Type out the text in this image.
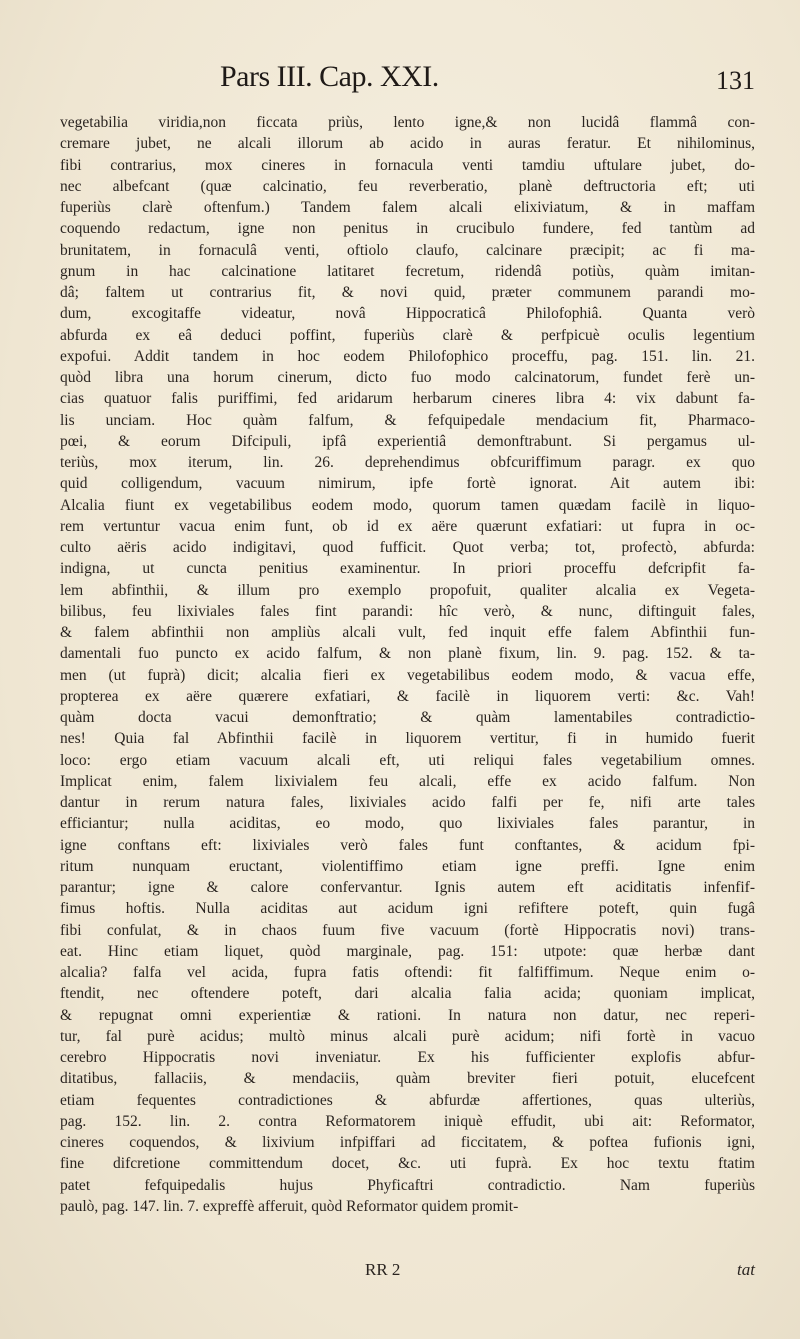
Pars III. Cap. XXI.	131
vegetabilia viridia,non ficcata priùs, lento igne,& non lucidâ flammâ con-
cremare jubet, ne alcali illorum ab acido in auras feratur. Et nihilominus,
fibi contrarius, mox cineres in fornacula venti tamdiu uftulare jubet, do-
nec albefcant (quæ calcinatio, feu reverberatio, planè deftructoria eft; uti
fuperiùs clarè oftenfum.) Tandem falem alcali elixiviatum, & in maffam
coquendo redactum, igne non penitus in crucibulo fundere, fed tantùm ad
brunitatem, in fornaculâ venti, oftiolo claufo, calcinare præcipit; ac fi ma-
gnum in hac calcinatione latitaret fecretum, ridendâ potiùs, quàm imitan-
dâ; faltem ut contrarius fit, & novi quid, præter communem parandi mo-
dum, excogitaffe videatur, novâ Hippocraticâ Philofophiâ. Quanta verò
abfurda ex eâ deduci poffint, fuperiùs clarè & perfpicuè oculis legentium
expofui. Addit tandem in hoc eodem Philofophico proceffu, pag. 151. lin. 21.
quòd libra una horum cinerum, dicto fuo modo calcinatorum, fundet ferè un-
cias quatuor falis puriffimi, fed aridarum herbarum cineres libra 4: vix dabunt fa-
lis unciam. Hoc quàm falfum, & fefquipedale mendacium fit, Pharmaco-
pœi, & eorum Difcipuli, ipfâ experientiâ demonftrabunt. Si pergamus ul-
teriùs, mox iterum, lin. 26. deprehendimus obfcuriffimum paragr. ex quo
quid colligendum, vacuum nimirum, ipfe fortè ignorat. Ait autem ibi:
Alcalia fiunt ex vegetabilibus eodem modo, quorum tamen quædam facilè in liquo-
rem vertuntur vacua enim funt, ob id ex aëre quærunt exfatiari: ut fupra in oc-
culto aëris acido indigitavi, quod fufficit. Quot verba; tot, profectò, abfurda:
indigna, ut cuncta penitius examinentur. In priori proceffu defcripfit fa-
lem abfinthii, & illum pro exemplo propofuit, qualiter alcalia ex Vegeta-
bilibus, feu lixiviales fales fint parandi: hîc verò, & nunc, diftinguit fales,
& falem abfinthii non ampliùs alcali vult, fed inquit effe falem Abfinthii fun-
damentali fuo puncto ex acido falfum, & non planè fixum, lin. 9. pag. 152. & ta-
men (ut fuprà) dicit; alcalia fieri ex vegetabilibus eodem modo, & vacua effe,
propterea ex aëre quærere exfatiari, & facilè in liquorem verti: &c. Vah!
quàm docta vacui demonftratio; & quàm lamentabiles contradictio-
nes! Quia fal Abfinthii facilè in liquorem vertitur, fi in humido fuerit
loco: ergo etiam vacuum alcali eft, uti reliqui fales vegetabilium omnes.
Implicat enim, falem lixivialem feu alcali, effe ex acido falfum. Non
dantur in rerum natura fales, lixiviales acido falfi per fe, nifi arte tales
efficiantur; nulla aciditas, eo modo, quo lixiviales fales parantur, in
igne conftans eft: lixiviales verò fales funt conftantes, & acidum fpi-
ritum nunquam eructant, violentiffimo etiam igne preffi. Igne enim
parantur; igne & calore confervantur. Ignis autem eft aciditatis infenfif-
fimus hoftis. Nulla aciditas aut acidum igni refiftere poteft, quin fugâ
fibi confulat, & in chaos fuum five vacuum (fortè Hippocratis novi) trans-
eat. Hinc etiam liquet, quòd marginale, pag. 151: utpote: quæ herbæ dant
alcalia? falfa vel acida, fupra fatis oftendi: fit falfiffimum. Neque enim o-
ftendit, nec oftendere poteft, dari alcalia falia acida; quoniam implicat,
& repugnat omni experientiæ & rationi. In natura non datur, nec reperi-
tur, fal purè acidus; multò minus alcali purè acidum; nifi fortè in vacuo
cerebro Hippocratis novi inveniatur. Ex his fufficienter explofis abfur-
ditatibus, fallaciis, & mendaciis, quàm breviter fieri potuit, elucefcent
etiam fequentes contradictiones & abfurdæ affertiones, quas ulteriùs,
pag. 152. lin. 2. contra Reformatorem iniquè effudit, ubi ait: Reformator,
cineres coquendos, & lixivium infpiffari ad ficcitatem, & poftea fufionis igni,
fine difcretione committendum docet, &c. uti fuprà. Ex hoc textu ftatim
patet fefquipedalis hujus Phyficaftri contradictio. Nam fuperiùs
paulò, pag. 147. lin. 7. expreffè afferuit, quòd Reformator quidem promit-
RR 2	tat
